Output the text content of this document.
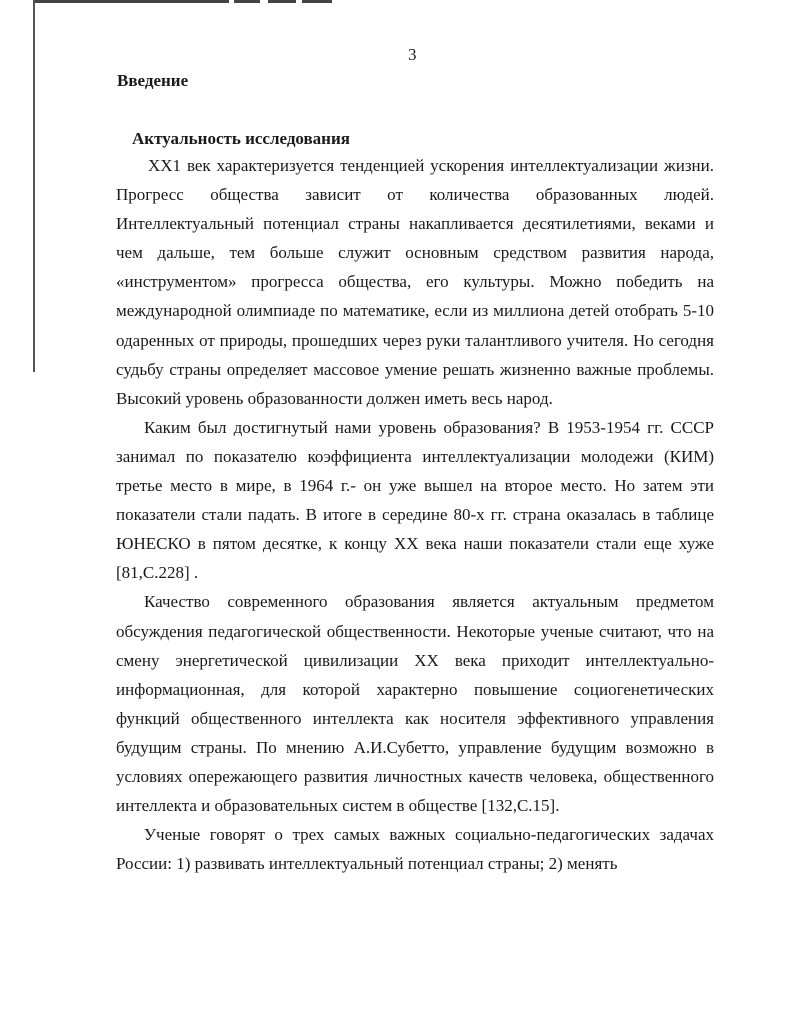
3
Введение
Актуальность исследования

XX1 век характеризуется тенденцией ускорения интеллектуализации жизни. Прогресс общества зависит от количества образованных людей. Интеллектуальный потенциал страны накапливается десятилетиями, веками и чем дальше, тем больше служит основным средством развития народа, «инструментом» прогресса общества, его культуры. Можно победить на международной олимпиаде по математике, если из миллиона детей отобрать 5-10 одаренных от природы, прошедших через руки талантливого учителя. Но сегодня судьбу страны определяет массовое умение решать жизненно важные проблемы. Высокий уровень образованности должен иметь весь народ.

Каким был достигнутый нами уровень образования? В 1953-1954 гг. СССР занимал по показателю коэффициента интеллектуализации молодежи (КИМ) третье место в мире, в 1964 г.- он уже вышел на второе место. Но затем эти показатели стали падать. В итоге в середине 80-х гг. страна оказалась в таблице ЮНЕСКО в пятом десятке, к концу XX века наши показатели стали еще хуже [81,С.228] .

Качество современного образования является актуальным предметом обсуждения педагогической общественности. Некоторые ученые считают, что на смену энергетической цивилизации XX века приходит интеллектуально-информационная, для которой характерно повышение социогенетических функций общественного интеллекта как носителя эффективного управления будущим страны. По мнению А.И.Субетто, управление будущим возможно в условиях опережающего развития личностных качеств человека, общественного интеллекта и образовательных систем в обществе [132,С.15].

Ученые говорят о трех самых важных социально-педагогических задачах России: 1) развивать интеллектуальный потенциал страны; 2) менять
